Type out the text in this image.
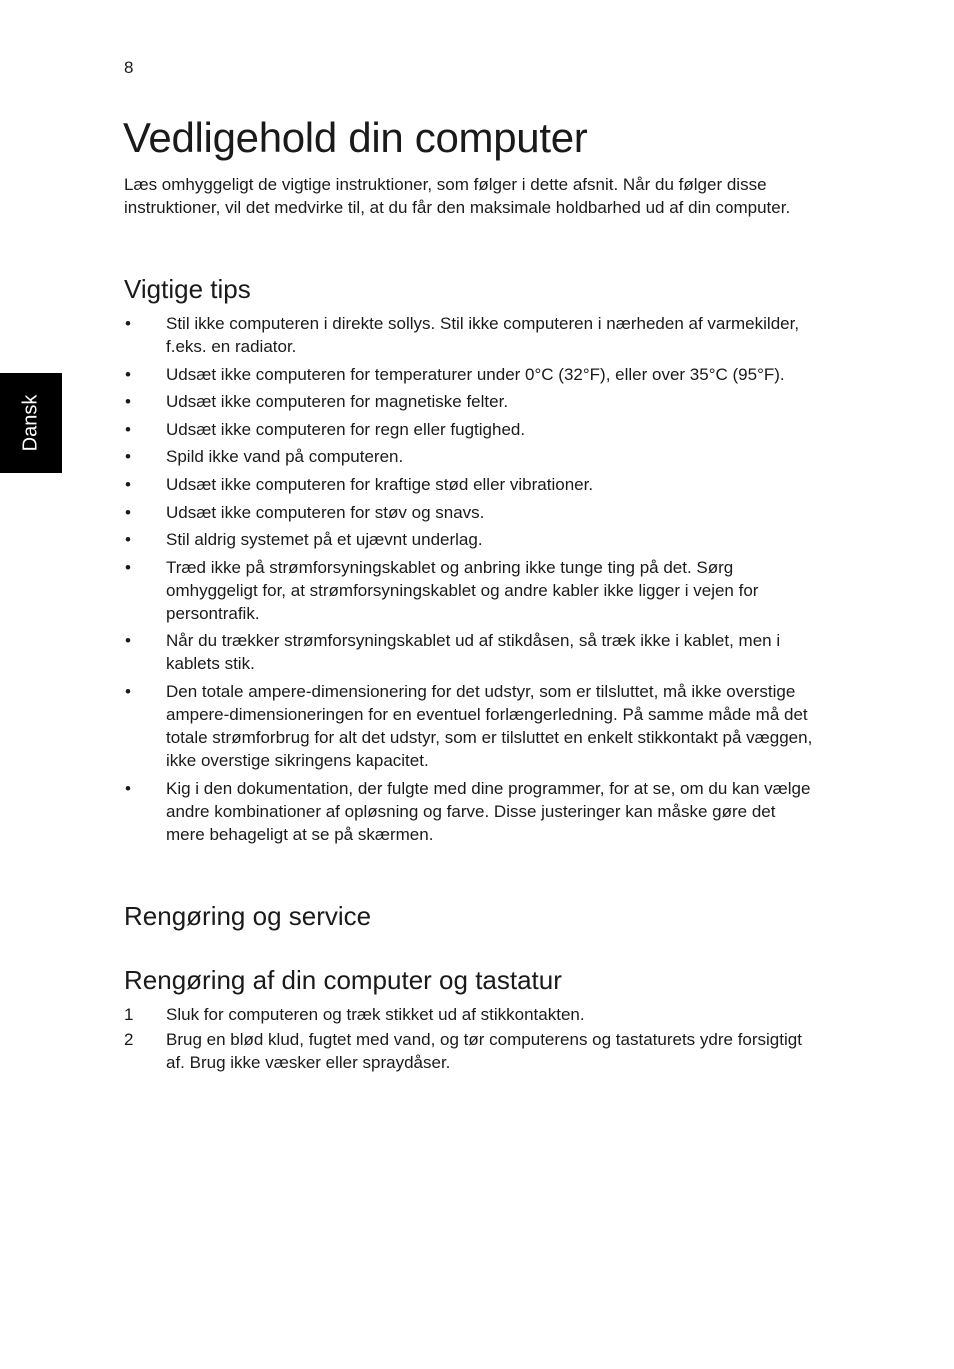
8
Dansk
Vedligehold din computer

Læs omhyggeligt de vigtige instruktioner, som følger i dette afsnit. Når du følger disse instruktioner, vil det medvirke til, at du får den maksimale holdbarhed ud af din computer.

Vigtige tips
• Stil ikke computeren i direkte sollys. Stil ikke computeren i nærheden af varmekilder, f.eks. en radiator.
• Udsæt ikke computeren for temperaturer under 0°C (32°F), eller over 35°C (95°F).
• Udsæt ikke computeren for magnetiske felter.
• Udsæt ikke computeren for regn eller fugtighed.
• Spild ikke vand på computeren.
• Udsæt ikke computeren for kraftige stød eller vibrationer.
• Udsæt ikke computeren for støv og snavs.
• Stil aldrig systemet på et ujævnt underlag.
• Træd ikke på strømforsyningskablet og anbring ikke tunge ting på det. Sørg omhyggeligt for, at strømforsyningskablet og andre kabler ikke ligger i vejen for persontrafik.
• Når du trækker strømforsyningskablet ud af stikdåsen, så træk ikke i kablet, men i kablets stik.
• Den totale ampere-dimensionering for det udstyr, som er tilsluttet, må ikke overstige ampere-dimensioneringen for en eventuel forlængerledning. På samme måde må det totale strømforbrug for alt det udstyr, som er tilsluttet en enkelt stikkontakt på væggen, ikke overstige sikringens kapacitet.
• Kig i den dokumentation, der fulgte med dine programmer, for at se, om du kan vælge andre kombinationer af opløsning og farve. Disse justeringer kan måske gøre det mere behageligt at se på skærmen.
Rengøring og service
Rengøring af din computer og tastatur
1 Sluk for computeren og træk stikket ud af stikkontakten.
2 Brug en blød klud, fugtet med vand, og tør computerens og tastaturets ydre forsigtigt af. Brug ikke væsker eller spraydåser.
